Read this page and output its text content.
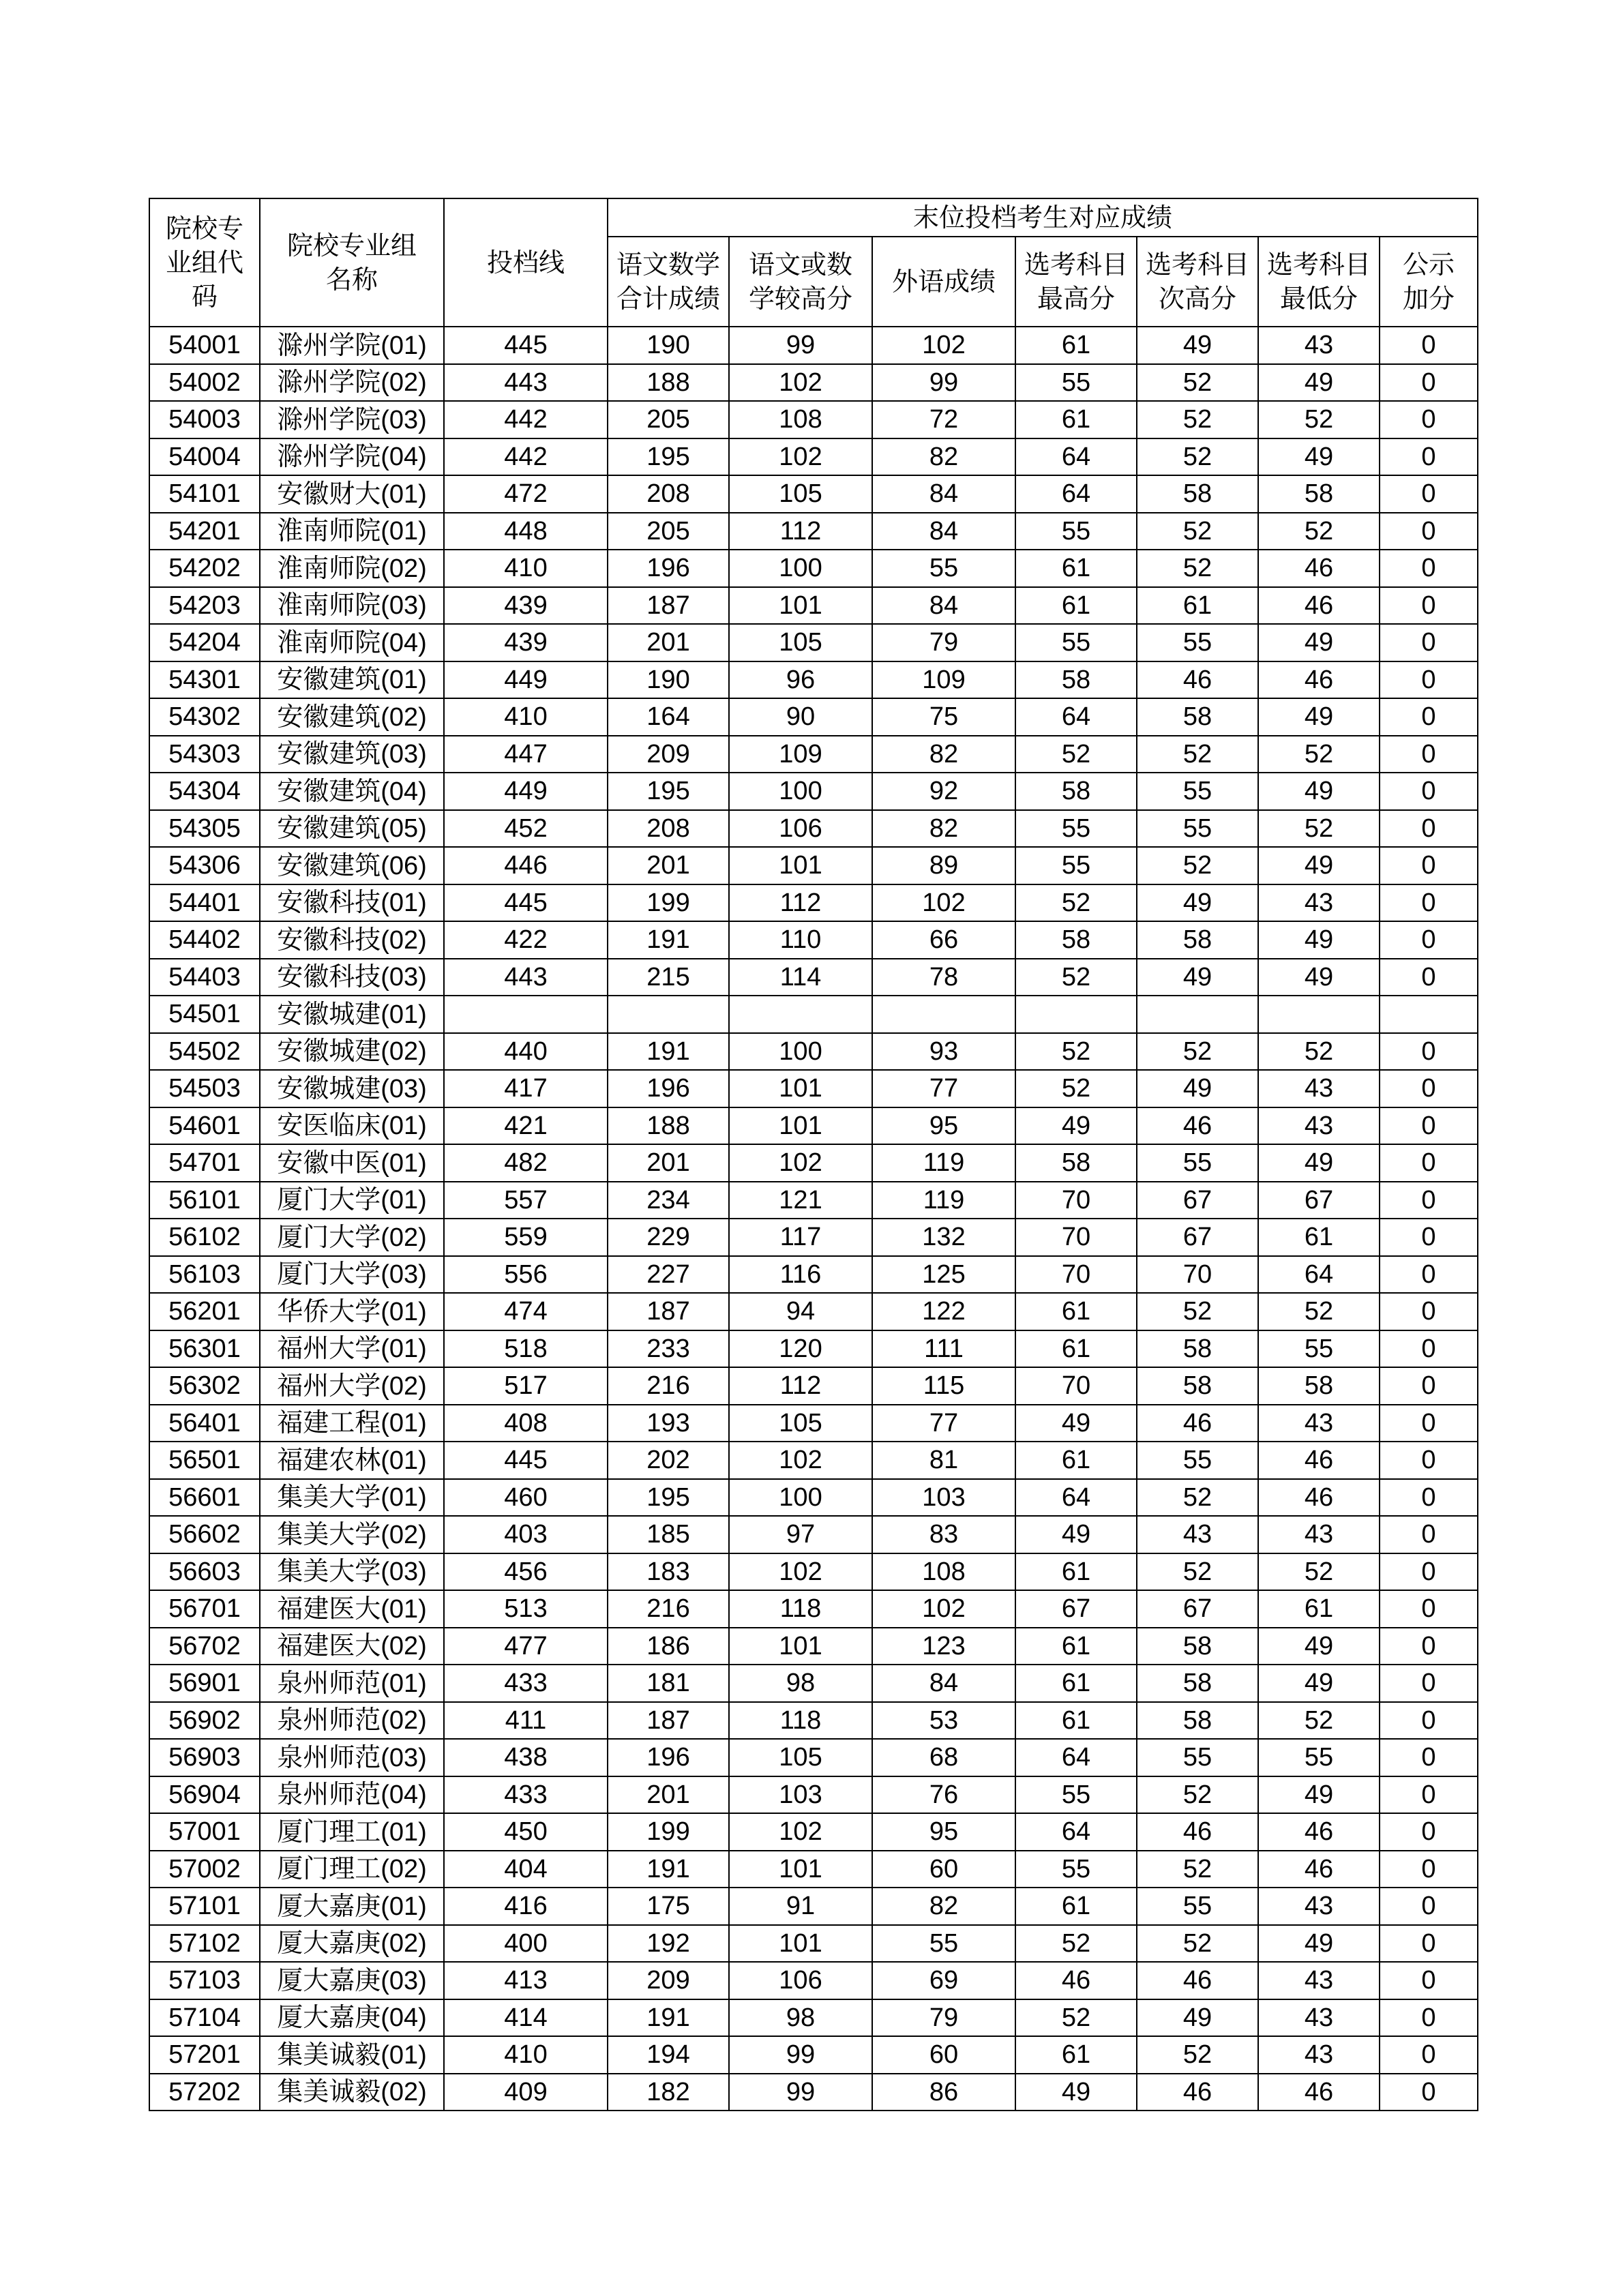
院校专业组代码	院校专业组名称	投档线	末位投档考生对应成绩						

			语文数学合计成绩	语文或数学较高分	外语成绩	选考科目最高分	选考科目次高分	选考科目最低分	公示加分

54001	滁州学院(01)	445	190	99	102	61	49	43	0
54002	滁州学院(02)	443	188	102	99	55	52	49	0
54003	滁州学院(03)	442	205	108	72	61	52	52	0
54004	滁州学院(04)	442	195	102	82	64	52	49	0
54101	安徽财大(01)	472	208	105	84	64	58	58	0
54201	淮南师院(01)	448	205	112	84	55	52	52	0
54202	淮南师院(02)	410	196	100	55	61	52	46	0
54203	淮南师院(03)	439	187	101	84	61	61	46	0
54204	淮南师院(04)	439	201	105	79	55	55	49	0
54301	安徽建筑(01)	449	190	96	109	58	46	46	0
54302	安徽建筑(02)	410	164	90	75	64	58	49	0
54303	安徽建筑(03)	447	209	109	82	52	52	52	0
54304	安徽建筑(04)	449	195	100	92	58	55	49	0
54305	安徽建筑(05)	452	208	106	82	55	55	52	0
54306	安徽建筑(06)	446	201	101	89	55	52	49	0
54401	安徽科技(01)	445	199	112	102	52	49	43	0
54402	安徽科技(02)	422	191	110	66	58	58	49	0
54403	安徽科技(03)	443	215	114	78	52	49	49	0
54501	安徽城建(01)								
54502	安徽城建(02)	440	191	100	93	52	52	52	0
54503	安徽城建(03)	417	196	101	77	52	49	43	0
54601	安医临床(01)	421	188	101	95	49	46	43	0
54701	安徽中医(01)	482	201	102	119	58	55	49	0
56101	厦门大学(01)	557	234	121	119	70	67	67	0
56102	厦门大学(02)	559	229	117	132	70	67	61	0
56103	厦门大学(03)	556	227	116	125	70	70	64	0
56201	华侨大学(01)	474	187	94	122	61	52	52	0
56301	福州大学(01)	518	233	120	111	61	58	55	0
56302	福州大学(02)	517	216	112	115	70	58	58	0
56401	福建工程(01)	408	193	105	77	49	46	43	0
56501	福建农林(01)	445	202	102	81	61	55	46	0
56601	集美大学(01)	460	195	100	103	64	52	46	0
56602	集美大学(02)	403	185	97	83	49	43	43	0
56603	集美大学(03)	456	183	102	108	61	52	52	0
56701	福建医大(01)	513	216	118	102	67	67	61	0
56702	福建医大(02)	477	186	101	123	61	58	49	0
56901	泉州师范(01)	433	181	98	84	61	58	49	0
56902	泉州师范(02)	411	187	118	53	61	58	52	0
56903	泉州师范(03)	438	196	105	68	64	55	55	0
56904	泉州师范(04)	433	201	103	76	55	52	49	0
57001	厦门理工(01)	450	199	102	95	64	46	46	0
57002	厦门理工(02)	404	191	101	60	55	52	46	0
57101	厦大嘉庚(01)	416	175	91	82	61	55	43	0
57102	厦大嘉庚(02)	400	192	101	55	52	52	49	0
57103	厦大嘉庚(03)	413	209	106	69	46	46	43	0
57104	厦大嘉庚(04)	414	191	98	79	52	49	43	0
57201	集美诚毅(01)	410	194	99	60	61	52	43	0
57202	集美诚毅(02)	409	182	99	86	49	46	46	0
